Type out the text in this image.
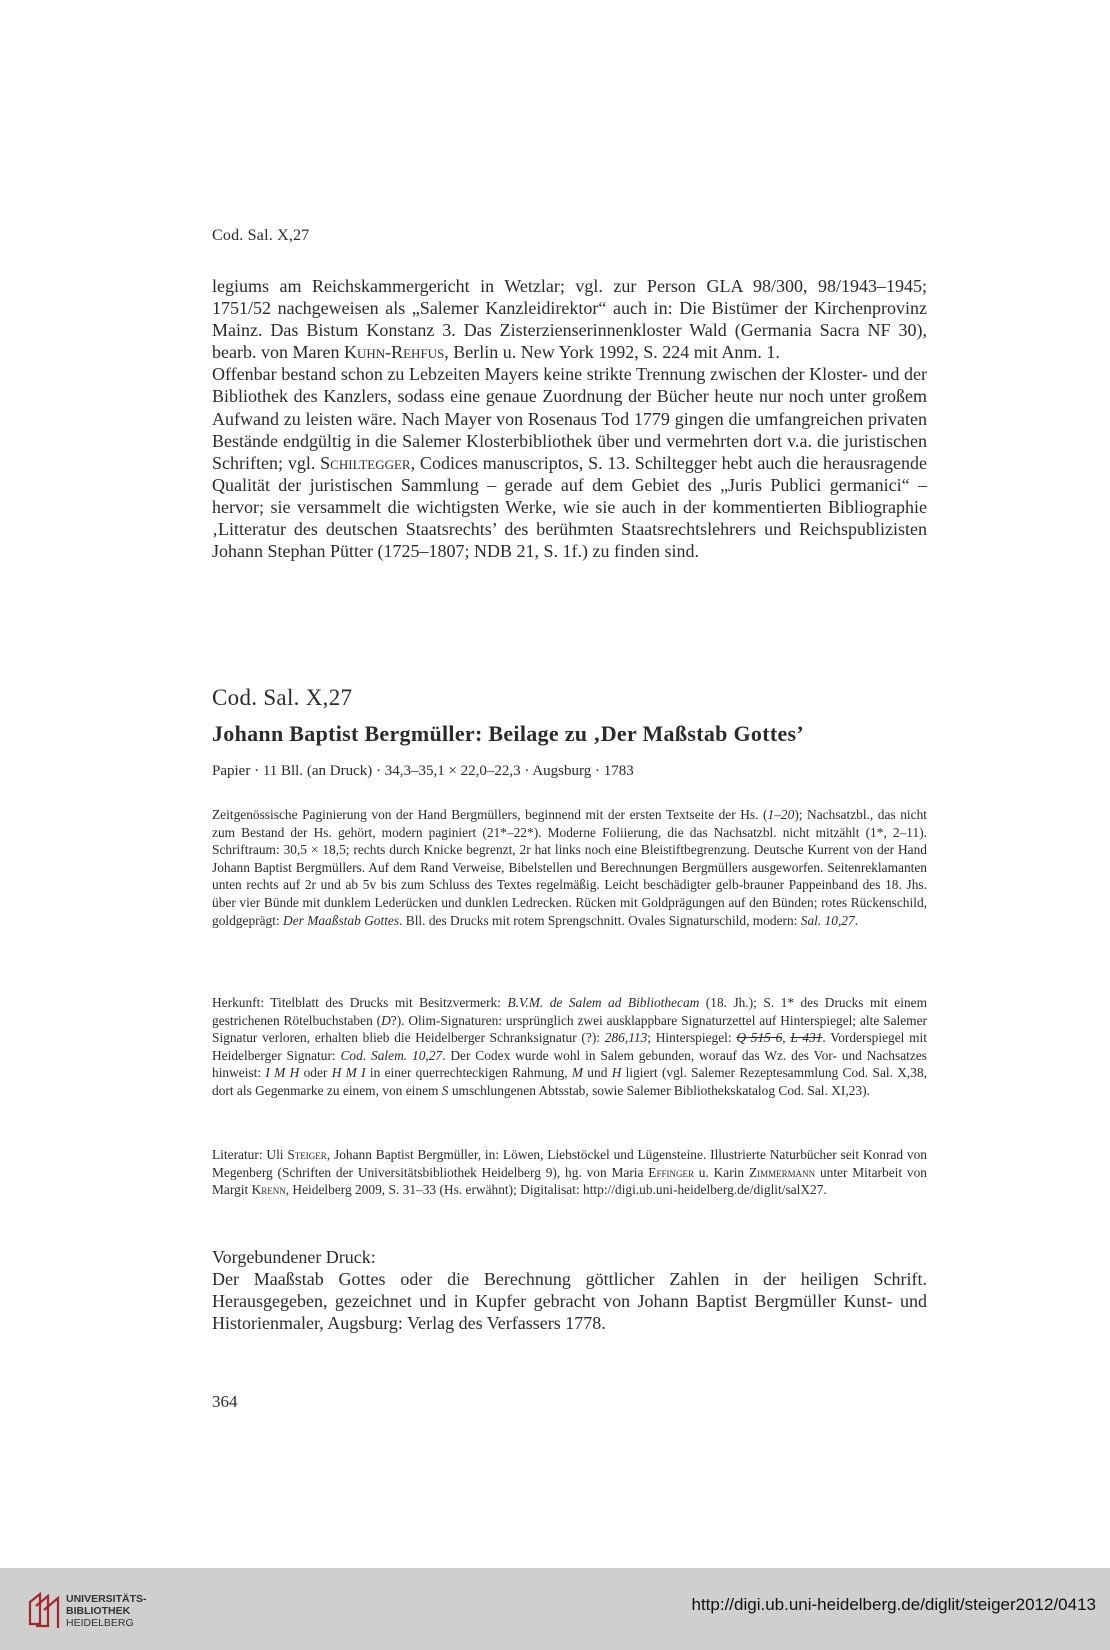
Cod. Sal. X,27

legiums am Reichskammergericht in Wetzlar; vgl. zur Person GLA 98/300, 98/1943–1945; 1751/52 nachgeweisen als „Salemer Kanzleidirektor“ auch in: Die Bistümer der Kirchenprovinz Mainz. Das Bistum Konstanz 3. Das Zisterzienserinnenkloster Wald (Germania Sacra NF 30), bearb. von Maren Kuhn-Rehfus, Berlin u. New York 1992, S. 224 mit Anm. 1.

Offenbar bestand schon zu Lebzeiten Mayers keine strikte Trennung zwischen der Kloster- und der Bibliothek des Kanzlers, sodass eine genaue Zuordnung der Bücher heute nur noch unter großem Aufwand zu leisten wäre. Nach Mayer von Rosenaus Tod 1779 gingen die umfangreichen privaten Bestände endgültig in die Salemer Klosterbibliothek über und vermehrten dort v.a. die juristischen Schriften; vgl. Schiltegger, Codices manuscriptos, S. 13. Schiltegger hebt auch die herausragende Qualität der juristischen Sammlung – gerade auf dem Gebiet des „Juris Publici germanici“ – hervor; sie versammelt die wichtigsten Werke, wie sie auch in der kommentierten Bibliographie ‚Litteratur des deutschen Staatsrechts’ des berühmten Staatsrechtslehrers und Reichspublizisten Johann Stephan Pütter (1725–1807; NDB 21, S. 1f.) zu finden sind.

Cod. Sal. X,27
Johann Baptist Bergmüller: Beilage zu ‚Der Maßstab Gottes’
Papier · 11 Bll. (an Druck) · 34,3–35,1 × 22,0–22,3 · Augsburg · 1783

Zeitgenössische Paginierung von der Hand Bergmüllers, beginnend mit der ersten Textseite der Hs. (1–20); Nachsatzbl., das nicht zum Bestand der Hs. gehört, modern paginiert (21*–22*). Moderne Foliierung, die das Nachsatzbl. nicht mitzählt (1*, 2–11). Schriftraum: 30,5 × 18,5; rechts durch Knicke begrenzt, 2r hat links noch eine Bleistiftbegrenzung. Deutsche Kurrent von der Hand Johann Baptist Bergmüllers. Auf dem Rand Verweise, Bibelstellen und Berechnungen Bergmüllers ausgeworfen. Seitenreklamanten unten rechts auf 2r und ab 5v bis zum Schluss des Textes regelmäßig. Leicht beschädigter gelb-brauner Pappeinband des 18. Jhs. über vier Bünde mit dunklem Lederücken und dunklen Ledrecken. Rücken mit Goldprägungen auf den Bünden; rotes Rückenschild, goldgeprägt: Der Maaßstab Gottes. Bll. des Drucks mit rotem Sprengschnitt. Ovales Signaturschild, modern: Sal. 10,27.

Herkunft: Titelblatt des Drucks mit Besitzvermerk: B.V.M. de Salem ad Bibliothecam (18. Jh.); S. 1* des Drucks mit einem gestrichenen Rötelbuchstaben (D?). Olim-Signaturen: ursprünglich zwei ausklappbare Signaturzettel auf Hinterspiegel; alte Salemer Signatur verloren, erhalten blieb die Heidelberger Schranksignatur (?): 286,113; Hinterspiegel: Q 515 6, L 431. Vorderspiegel mit Heidelberger Signatur: Cod. Salem. 10,27. Der Codex wurde wohl in Salem gebunden, worauf das Wz. des Vor- und Nachsatzes hinweist: I M H oder H M I in einer querrechteckigen Rahmung, M und H ligiert (vgl. Salemer Rezeptesammlung Cod. Sal. X,38, dort als Gegenmarke zu einem, von einem S umschlungenen Abtsstab, sowie Salemer Bibliothekskatalog Cod. Sal. XI,23).

Literatur: Uli Steiger, Johann Baptist Bergmüller, in: Löwen, Liebstöckel und Lügensteine. Illustrierte Naturbücher seit Konrad von Megenberg (Schriften der Universitätsbibliothek Heidelberg 9), hg. von Maria Effinger u. Karin Zimmermann unter Mitarbeit von Margit Krenn, Heidelberg 2009, S. 31–33 (Hs. erwähnt); Digitalisat: http://digi.ub.uni-heidelberg.de/diglit/salX27.

Vorgebundener Druck:

Der Maaßstab Gottes oder die Berechnung göttlicher Zahlen in der heiligen Schrift. Herausgegeben, gezeichnet und in Kupfer gebracht von Johann Baptist Bergmüller Kunst- und Historienmaler, Augsburg: Verlag des Verfassers 1778.

364
UNIVERSITÄTS-
BIBLIOTHEK
HEIDELBERG
http://digi.ub.uni-heidelberg.de/diglit/steiger2012/0413
